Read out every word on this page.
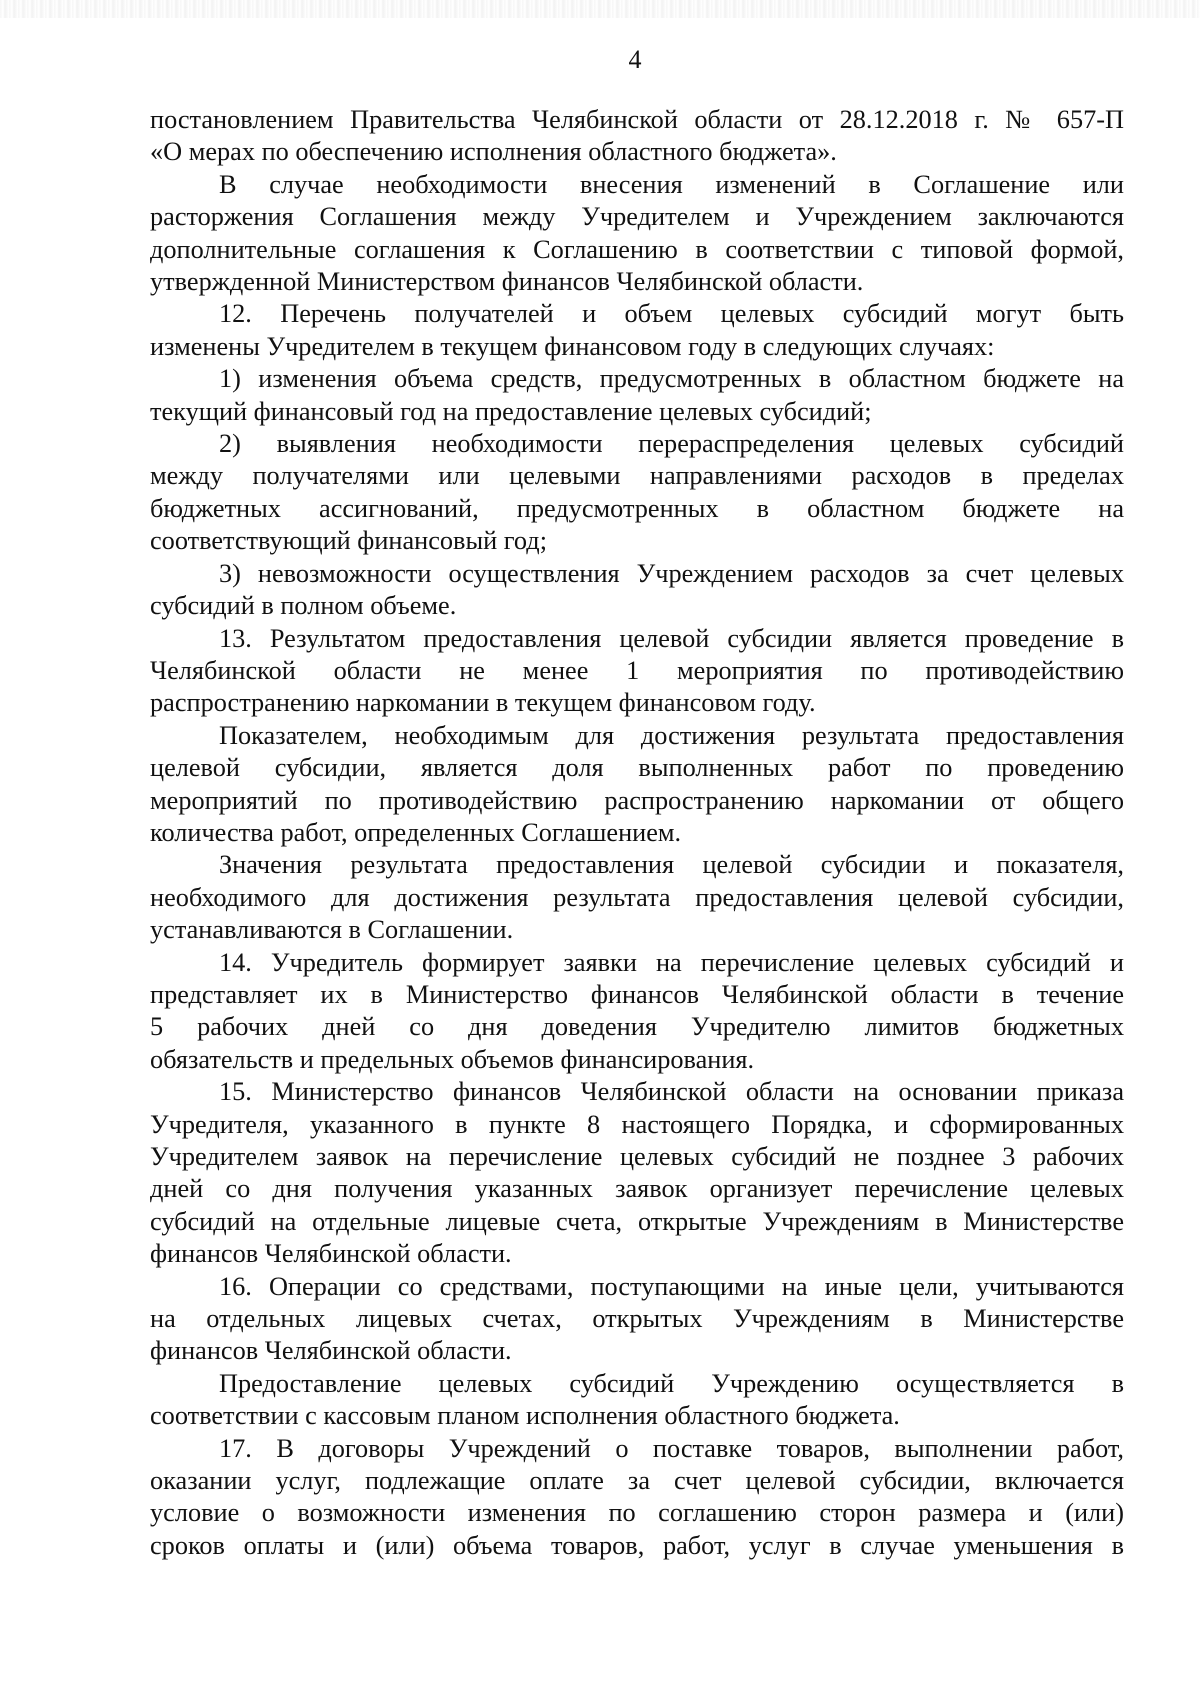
4

постановлением Правительства Челябинской области от 28.12.2018 г. № 657-П

«О мерах по обеспечению исполнения областного бюджета».

В случае необходимости внесения изменений в Соглашение или

расторжения Соглашения между Учредителем и Учреждением заключаются

дополнительные соглашения к Соглашению в соответствии с типовой формой,

утвержденной Министерством финансов Челябинской области.

12. Перечень получателей и объем целевых субсидий могут быть

изменены Учредителем в текущем финансовом году в следующих случаях:

1) изменения объема средств, предусмотренных в областном бюджете на

текущий финансовый год на предоставление целевых субсидий;

2) выявления необходимости перераспределения целевых субсидий

между получателями или целевыми направлениями расходов в пределах

бюджетных ассигнований, предусмотренных в областном бюджете на

соответствующий финансовый год;

3) невозможности осуществления Учреждением расходов за счет целевых

субсидий в полном объеме.

13. Результатом предоставления целевой субсидии является проведение в

Челябинской области не менее 1 мероприятия по противодействию

распространению наркомании в текущем финансовом году.

Показателем, необходимым для достижения результата предоставления

целевой субсидии, является доля выполненных работ по проведению

мероприятий по противодействию распространению наркомании от общего

количества работ, определенных Соглашением.

Значения результата предоставления целевой субсидии и показателя,

необходимого для достижения результата предоставления целевой субсидии,

устанавливаются в Соглашении.

14. Учредитель формирует заявки на перечисление целевых субсидий и

представляет их в Министерство финансов Челябинской области в течение

5 рабочих дней со дня доведения Учредителю лимитов бюджетных

обязательств и предельных объемов финансирования.

15. Министерство финансов Челябинской области на основании приказа

Учредителя, указанного в пункте 8 настоящего Порядка, и сформированных

Учредителем заявок на перечисление целевых субсидий не позднее 3 рабочих

дней со дня получения указанных заявок организует перечисление целевых

субсидий на отдельные лицевые счета, открытые Учреждениям в Министерстве

финансов Челябинской области.

16. Операции со средствами, поступающими на иные цели, учитываются

на отдельных лицевых счетах, открытых Учреждениям в Министерстве

финансов Челябинской области.

Предоставление целевых субсидий Учреждению осуществляется в

соответствии с кассовым планом исполнения областного бюджета.

17. В договоры Учреждений о поставке товаров, выполнении работ,

оказании услуг, подлежащие оплате за счет целевой субсидии, включается

условие о возможности изменения по соглашению сторон размера и (или)

сроков оплаты и (или) объема товаров, работ, услуг в случае уменьшения в
